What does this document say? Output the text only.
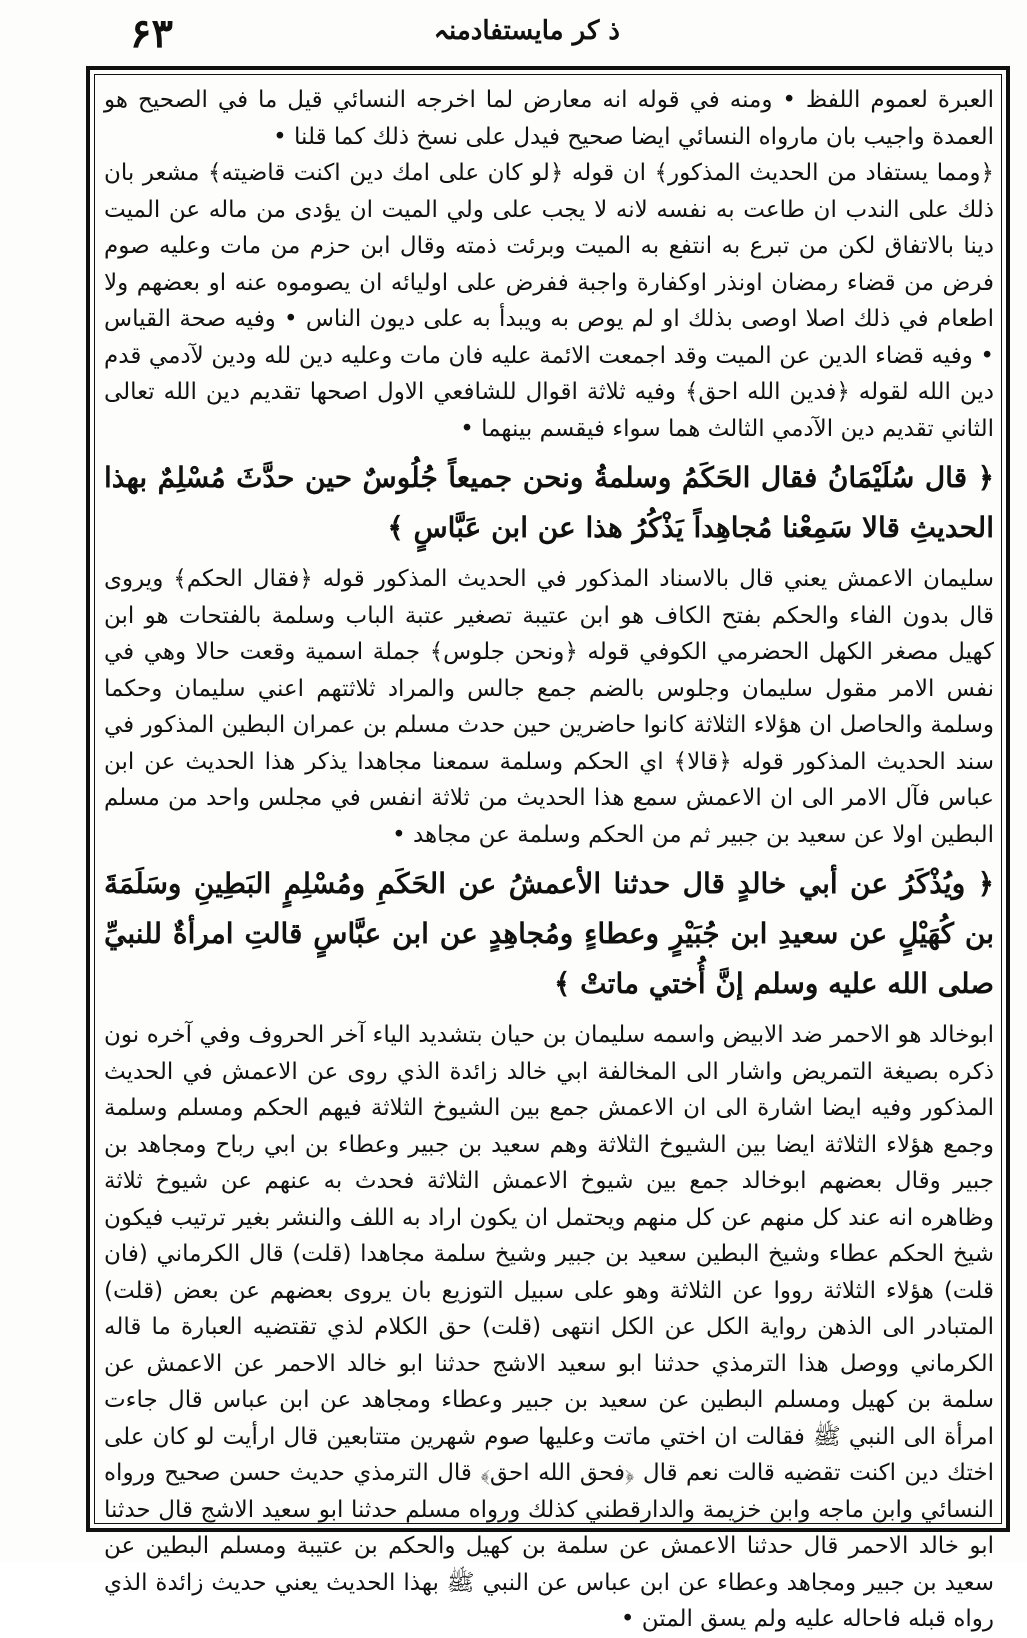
ذ کر مایستفادمنہ
۶۳

العبرة لعموم اللفظ • ومنه في قوله انه معارض لما اخرجه النسائي قيل ما في الصحيح هو العمدة واجيب بان مارواه النسائي ايضا صحيح فيدل على نسخ ذلك كما قلنا •

﴿ومما يستفاد من الحديث المذكور﴾ ان قوله ﴿لو كان على امك دين اكنت قاضيته﴾ مشعر بان ذلك على الندب ان طاعت به نفسه لانه لا يجب على ولي الميت ان يؤدى من ماله عن الميت دينا بالاتفاق لكن من تبرع به انتفع به الميت وبرئت ذمته وقال ابن حزم من مات وعليه صوم فرض من قضاء رمضان اونذر اوكفارة واجبة ففرض على اوليائه ان يصوموه عنه او بعضهم ولا اطعام في ذلك اصلا اوصى بذلك او لم يوص به ويبدأ به على ديون الناس • وفيه صحة القياس • وفيه قضاء الدين عن الميت وقد اجمعت الائمة عليه فان مات وعليه دين لله ودين لآدمي قدم دين الله لقوله ﴿فدين الله احق﴾ وفيه ثلاثة اقوال للشافعي الاول اصحها تقديم دين الله تعالى الثاني تقديم دين الآدمي الثالث هما سواء فيقسم بينهما •

﴿ قال سُلَيْمَانُ فقال الحَكَمُ وسلمةُ ونحن جميعاً جُلُوسٌ حين حدَّثَ مُسْلِمٌ بهذا الحديثِ قالا سَمِعْنا مُجاهِداً يَذْكُرُ هذا عن ابن عَبَّاسٍ ﴾

سليمان الاعمش يعني قال بالاسناد المذكور في الحديث المذكور قوله ﴿فقال الحكم﴾ ويروى قال بدون الفاء والحكم بفتح الكاف هو ابن عتيبة تصغير عتبة الباب وسلمة بالفتحات هو ابن كهيل مصغر الكهل الحضرمي الكوفي قوله ﴿ونحن جلوس﴾ جملة اسمية وقعت حالا وهي في نفس الامر مقول سليمان وجلوس بالضم جمع جالس والمراد ثلاثتهم اعني سليمان وحكما وسلمة والحاصل ان هؤلاء الثلاثة كانوا حاضرين حين حدث مسلم بن عمران البطين المذكور في سند الحديث المذكور قوله ﴿قالا﴾ اي الحكم وسلمة سمعنا مجاهدا يذكر هذا الحديث عن ابن عباس فآل الامر الى ان الاعمش سمع هذا الحديث من ثلاثة انفس في مجلس واحد من مسلم البطين اولا عن سعيد بن جبير ثم من الحكم وسلمة عن مجاهد •

﴿ ويُذْكَرُ عن أبي خالدٍ قال حدثنا الأعمشُ عن الحَكَمِ ومُسْلِمٍ البَطِينِ وسَلَمَةَ بن كُهَيْلٍ عن سعيدِ ابن جُبَيْرٍ وعطاءٍ ومُجاهِدٍ عن ابن عبَّاسٍ قالتِ امرأةٌ للنبيِّ صلى الله عليه وسلم إنَّ أُختي ماتتْ ﴾

ابوخالد هو الاحمر ضد الابيض واسمه سليمان بن حيان بتشديد الياء آخر الحروف وفي آخره نون ذكره بصيغة التمريض واشار الى المخالفة ابي خالد زائدة الذي روى عن الاعمش في الحديث المذكور وفيه ايضا اشارة الى ان الاعمش جمع بين الشيوخ الثلاثة فيهم الحكم ومسلم وسلمة وجمع هؤلاء الثلاثة ايضا بين الشيوخ الثلاثة وهم سعيد بن جبير وعطاء بن ابي رباح ومجاهد بن جبير وقال بعضهم ابوخالد جمع بين شيوخ الاعمش الثلاثة فحدث به عنهم عن شيوخ ثلاثة وظاهره انه عند كل منهم عن كل منهم ويحتمل ان يكون اراد به اللف والنشر بغير ترتيب فيكون شيخ الحكم عطاء وشيخ البطين سعيد بن جبير وشيخ سلمة مجاهدا (قلت) قال الكرماني (فان قلت) هؤلاء الثلاثة رووا عن الثلاثة وهو على سبيل التوزيع بان يروى بعضهم عن بعض (قلت) المتبادر الى الذهن رواية الكل عن الكل انتهى (قلت) حق الكلام لذي تقتضيه العبارة ما قاله الكرماني ووصل هذا الترمذي حدثنا ابو سعيد الاشج حدثنا ابو خالد الاحمر عن الاعمش عن سلمة بن كهيل ومسلم البطين عن سعيد بن جبير وعطاء ومجاهد عن ابن عباس قال جاءت امرأة الى النبي ﷺ فقالت ان اختي ماتت وعليها صوم شهرين متتابعين قال ارأيت لو كان على اختك دين اكنت تقضيه قالت نعم قال ﴿فحق الله احق﴾ قال الترمذي حديث حسن صحيح ورواه النسائي وابن ماجه وابن خزيمة والدارقطني كذلك ورواه مسلم حدثنا ابو سعيد الاشج قال حدثنا ابو خالد الاحمر قال حدثنا الاعمش عن سلمة بن كهيل والحكم بن عتيبة ومسلم البطين عن سعيد بن جبير ومجاهد وعطاء عن ابن عباس عن النبي ﷺ بهذا الحديث يعني حديث زائدة الذي رواه قبله فاحاله عليه ولم يسق المتن •
